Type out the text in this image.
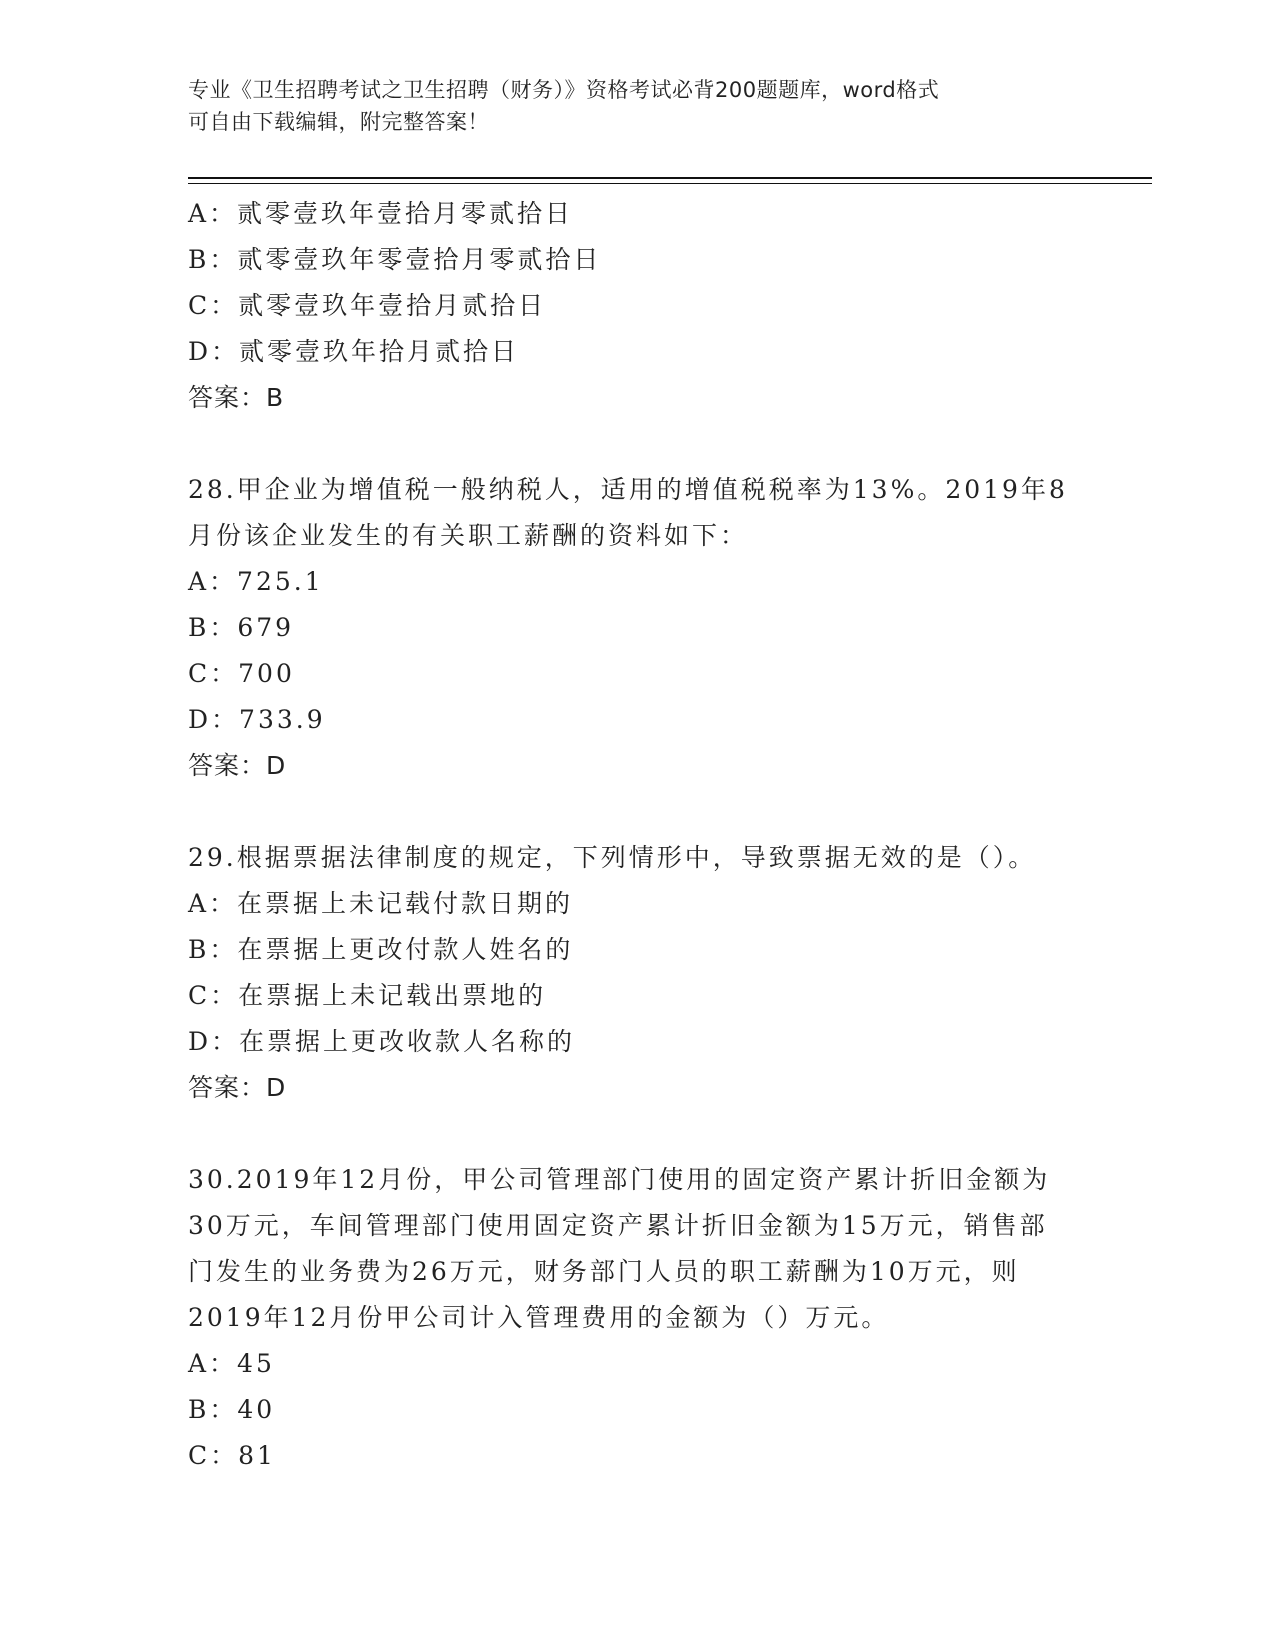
专业《卫生招聘考试之卫生招聘（财务）》资格考试必背200题题库，word格式
可自由下载编辑，附完整答案！
A：贰零壹玖年壹拾月零贰拾日
B：贰零壹玖年零壹拾月零贰拾日
C：贰零壹玖年壹拾月贰拾日
D：贰零壹玖年拾月贰拾日
答案：B
28.甲企业为增值税一般纳税人，适用的增值税税率为13%。2019年8
月份该企业发生的有关职工薪酬的资料如下：
A：725.1
B：679
C：700
D：733.9
答案：D
29.根据票据法律制度的规定，下列情形中，导致票据无效的是（）。
A：在票据上未记载付款日期的
B：在票据上更改付款人姓名的
C：在票据上未记载出票地的
D：在票据上更改收款人名称的
答案：D
30.2019年12月份，甲公司管理部门使用的固定资产累计折旧金额为
30万元，车间管理部门使用固定资产累计折旧金额为15万元，销售部
门发生的业务费为26万元，财务部门人员的职工薪酬为10万元，则
2019年12月份甲公司计入管理费用的金额为（）万元。
A：45
B：40
C：81
